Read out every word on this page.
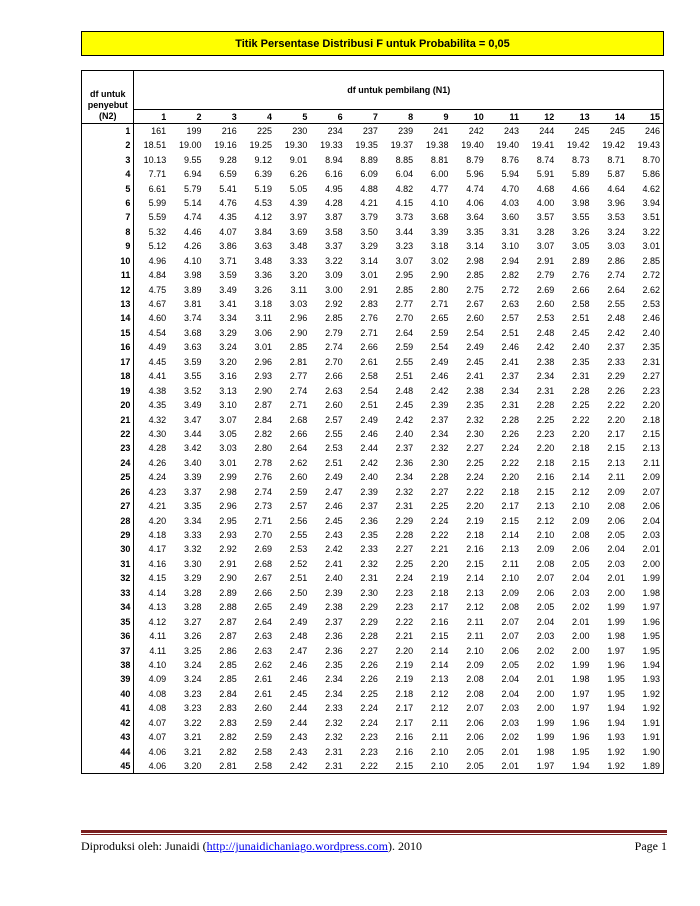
Titik Persentase Distribusi F untuk Probabilita = 0,05
df untuk
penyebut
(N2)	df untuk pembilang (N1)														
	1	2	3	4	5	6	7	8	9	10	11	12	13	14	15
1	161	199	216	225	230	234	237	239	241	242	243	244	245	245	246
2	18.51	19.00	19.16	19.25	19.30	19.33	19.35	19.37	19.38	19.40	19.40	19.41	19.42	19.42	19.43
3	10.13	9.55	9.28	9.12	9.01	8.94	8.89	8.85	8.81	8.79	8.76	8.74	8.73	8.71	8.70
4	7.71	6.94	6.59	6.39	6.26	6.16	6.09	6.04	6.00	5.96	5.94	5.91	5.89	5.87	5.86
5	6.61	5.79	5.41	5.19	5.05	4.95	4.88	4.82	4.77	4.74	4.70	4.68	4.66	4.64	4.62
6	5.99	5.14	4.76	4.53	4.39	4.28	4.21	4.15	4.10	4.06	4.03	4.00	3.98	3.96	3.94
7	5.59	4.74	4.35	4.12	3.97	3.87	3.79	3.73	3.68	3.64	3.60	3.57	3.55	3.53	3.51
8	5.32	4.46	4.07	3.84	3.69	3.58	3.50	3.44	3.39	3.35	3.31	3.28	3.26	3.24	3.22
9	5.12	4.26	3.86	3.63	3.48	3.37	3.29	3.23	3.18	3.14	3.10	3.07	3.05	3.03	3.01
10	4.96	4.10	3.71	3.48	3.33	3.22	3.14	3.07	3.02	2.98	2.94	2.91	2.89	2.86	2.85
11	4.84	3.98	3.59	3.36	3.20	3.09	3.01	2.95	2.90	2.85	2.82	2.79	2.76	2.74	2.72
12	4.75	3.89	3.49	3.26	3.11	3.00	2.91	2.85	2.80	2.75	2.72	2.69	2.66	2.64	2.62
13	4.67	3.81	3.41	3.18	3.03	2.92	2.83	2.77	2.71	2.67	2.63	2.60	2.58	2.55	2.53
14	4.60	3.74	3.34	3.11	2.96	2.85	2.76	2.70	2.65	2.60	2.57	2.53	2.51	2.48	2.46
15	4.54	3.68	3.29	3.06	2.90	2.79	2.71	2.64	2.59	2.54	2.51	2.48	2.45	2.42	2.40
16	4.49	3.63	3.24	3.01	2.85	2.74	2.66	2.59	2.54	2.49	2.46	2.42	2.40	2.37	2.35
17	4.45	3.59	3.20	2.96	2.81	2.70	2.61	2.55	2.49	2.45	2.41	2.38	2.35	2.33	2.31
18	4.41	3.55	3.16	2.93	2.77	2.66	2.58	2.51	2.46	2.41	2.37	2.34	2.31	2.29	2.27
19	4.38	3.52	3.13	2.90	2.74	2.63	2.54	2.48	2.42	2.38	2.34	2.31	2.28	2.26	2.23
20	4.35	3.49	3.10	2.87	2.71	2.60	2.51	2.45	2.39	2.35	2.31	2.28	2.25	2.22	2.20
21	4.32	3.47	3.07	2.84	2.68	2.57	2.49	2.42	2.37	2.32	2.28	2.25	2.22	2.20	2.18
22	4.30	3.44	3.05	2.82	2.66	2.55	2.46	2.40	2.34	2.30	2.26	2.23	2.20	2.17	2.15
23	4.28	3.42	3.03	2.80	2.64	2.53	2.44	2.37	2.32	2.27	2.24	2.20	2.18	2.15	2.13
24	4.26	3.40	3.01	2.78	2.62	2.51	2.42	2.36	2.30	2.25	2.22	2.18	2.15	2.13	2.11
25	4.24	3.39	2.99	2.76	2.60	2.49	2.40	2.34	2.28	2.24	2.20	2.16	2.14	2.11	2.09
26	4.23	3.37	2.98	2.74	2.59	2.47	2.39	2.32	2.27	2.22	2.18	2.15	2.12	2.09	2.07
27	4.21	3.35	2.96	2.73	2.57	2.46	2.37	2.31	2.25	2.20	2.17	2.13	2.10	2.08	2.06
28	4.20	3.34	2.95	2.71	2.56	2.45	2.36	2.29	2.24	2.19	2.15	2.12	2.09	2.06	2.04
29	4.18	3.33	2.93	2.70	2.55	2.43	2.35	2.28	2.22	2.18	2.14	2.10	2.08	2.05	2.03
30	4.17	3.32	2.92	2.69	2.53	2.42	2.33	2.27	2.21	2.16	2.13	2.09	2.06	2.04	2.01
31	4.16	3.30	2.91	2.68	2.52	2.41	2.32	2.25	2.20	2.15	2.11	2.08	2.05	2.03	2.00
32	4.15	3.29	2.90	2.67	2.51	2.40	2.31	2.24	2.19	2.14	2.10	2.07	2.04	2.01	1.99
33	4.14	3.28	2.89	2.66	2.50	2.39	2.30	2.23	2.18	2.13	2.09	2.06	2.03	2.00	1.98
34	4.13	3.28	2.88	2.65	2.49	2.38	2.29	2.23	2.17	2.12	2.08	2.05	2.02	1.99	1.97
35	4.12	3.27	2.87	2.64	2.49	2.37	2.29	2.22	2.16	2.11	2.07	2.04	2.01	1.99	1.96
36	4.11	3.26	2.87	2.63	2.48	2.36	2.28	2.21	2.15	2.11	2.07	2.03	2.00	1.98	1.95
37	4.11	3.25	2.86	2.63	2.47	2.36	2.27	2.20	2.14	2.10	2.06	2.02	2.00	1.97	1.95
38	4.10	3.24	2.85	2.62	2.46	2.35	2.26	2.19	2.14	2.09	2.05	2.02	1.99	1.96	1.94
39	4.09	3.24	2.85	2.61	2.46	2.34	2.26	2.19	2.13	2.08	2.04	2.01	1.98	1.95	1.93
40	4.08	3.23	2.84	2.61	2.45	2.34	2.25	2.18	2.12	2.08	2.04	2.00	1.97	1.95	1.92
41	4.08	3.23	2.83	2.60	2.44	2.33	2.24	2.17	2.12	2.07	2.03	2.00	1.97	1.94	1.92
42	4.07	3.22	2.83	2.59	2.44	2.32	2.24	2.17	2.11	2.06	2.03	1.99	1.96	1.94	1.91
43	4.07	3.21	2.82	2.59	2.43	2.32	2.23	2.16	2.11	2.06	2.02	1.99	1.96	1.93	1.91
44	4.06	3.21	2.82	2.58	2.43	2.31	2.23	2.16	2.10	2.05	2.01	1.98	1.95	1.92	1.90
45	4.06	3.20	2.81	2.58	2.42	2.31	2.22	2.15	2.10	2.05	2.01	1.97	1.94	1.92	1.89
Diproduksi oleh: Junaidi (http://junaidichaniago.wordpress.com). 2010	Page 1
